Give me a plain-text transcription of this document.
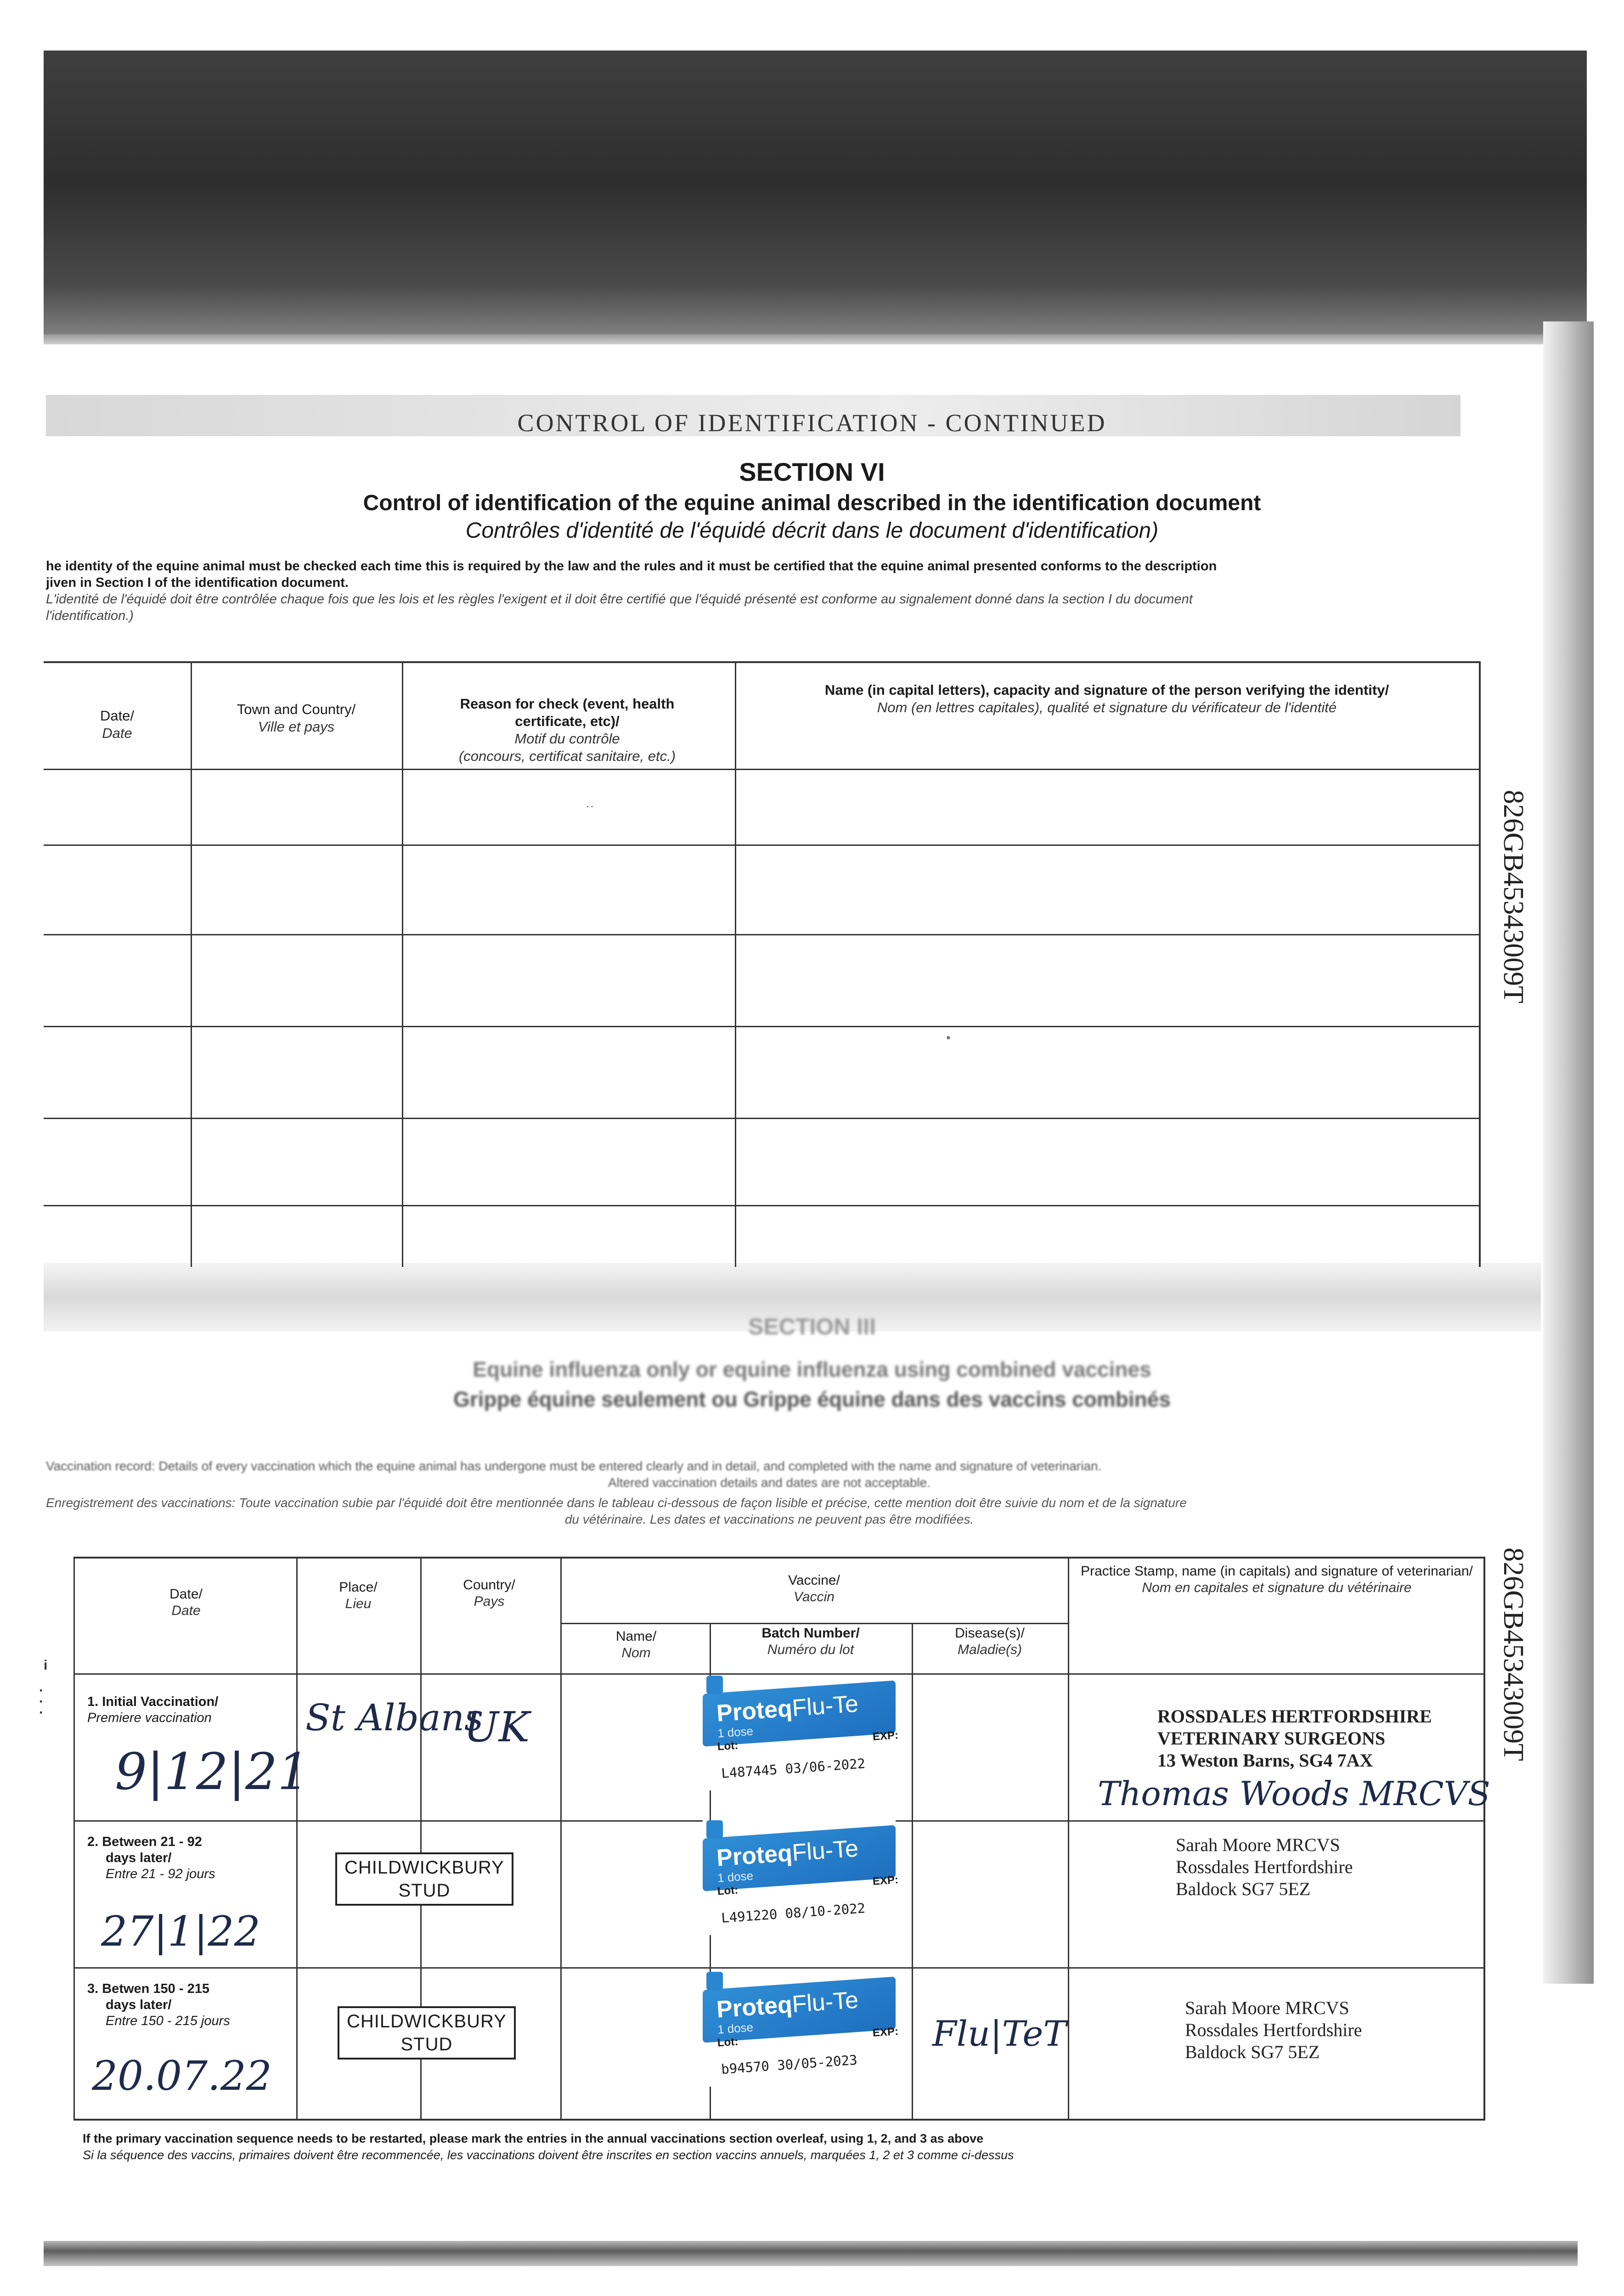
CONTROL OF IDENTIFICATION - CONTINUED
SECTION VI
Control of identification of the equine animal described in the identification document
Contrôles d'identité de l'équidé décrit dans le document d'identification)
he identity of the equine animal must be checked each time this is required by the law and the rules and it must be certified that the equine animal presented conforms to the description
jiven in Section I of the identification document.
L'identité de l'équidé doit être contrôlée chaque fois que les lois et les règles l'exigent et il doit être certifié que l'équidé présenté est conforme au signalement donné dans la section I du document
l'identification.)
Date/
Date
Town and Country/
Ville et pays
Reason for check (event, health certificate, etc)/
Motif du contrôle
(concours, certificat sanitaire, etc.)
Name (in capital letters), capacity and signature of the person verifying the identity/
Nom (en lettres capitales), qualité et signature du vérificateur de l'identité
··
•
826GB45343009T
826GB45343009T
SECTION III
Equine influenza only or equine influenza using combined vaccines
Grippe équine seulement ou Grippe équine dans des vaccins combinés
Vaccination record: Details of every vaccination which the equine animal has undergone must be entered clearly and in detail, and completed with the name and signature of veterinarian.
Altered vaccination details and dates are not acceptable.
Enregistrement des vaccinations: Toute vaccination subie par l'équidé doit être mentionnée dans le tableau ci-dessous de façon lisible et précise, cette mention doit être suivie du nom et de la signature
du vétérinaire. Les dates et vaccinations ne peuvent pas être modifiées.
i
·
·
·
Date/
Date
Place/
Lieu
Country/
Pays
Vaccine/
Vaccin
Name/
Nom
Batch Number/
Numéro du lot
Disease(s)/
Maladie(s)
Practice Stamp, name (in capitals) and signature of veterinarian/
Nom en capitales et signature du vétérinaire
1. Initial Vaccination/
Premiere vaccination
9|12|21
St Albans
UK	ProteqFlu-Te
1 dose
Lot:
EXP:
L487445 03/06-2022
ROSSDALES HERTFORDSHIRE
VETERINARY SURGEONS
13 Weston Barns, SG4 7AX
Thomas Woods MRCVS
2. Between 21 - 92
days later/
Entre 21 - 92 jours
27|1|22
CHILDWICKBURY
STUD
ProteqFlu-Te
1 dose
Lot:
EXP:
L491220 08/10-2022
Sarah Moore MRCVS
Rossdales Hertfordshire
Baldock SG7 5EZ
3. Betwen 150 - 215
days later/
Entre 150 - 215 jours
20.07.22
CHILDWICKBURY
STUD
ProteqFlu-Te
1 dose
Lot:
EXP:
b94570 30/05-2023
Flu|TeT
Sarah Moore MRCVS
Rossdales Hertfordshire
Baldock SG7 5EZ
If the primary vaccination sequence needs to be restarted, please mark the entries in the annual vaccinations section overleaf, using 1, 2, and 3 as above
Si la séquence des vaccins, primaires doivent être recommencée, les vaccinations doivent être inscrites en section vaccins annuels, marquées 1, 2 et 3 comme ci-dessus
